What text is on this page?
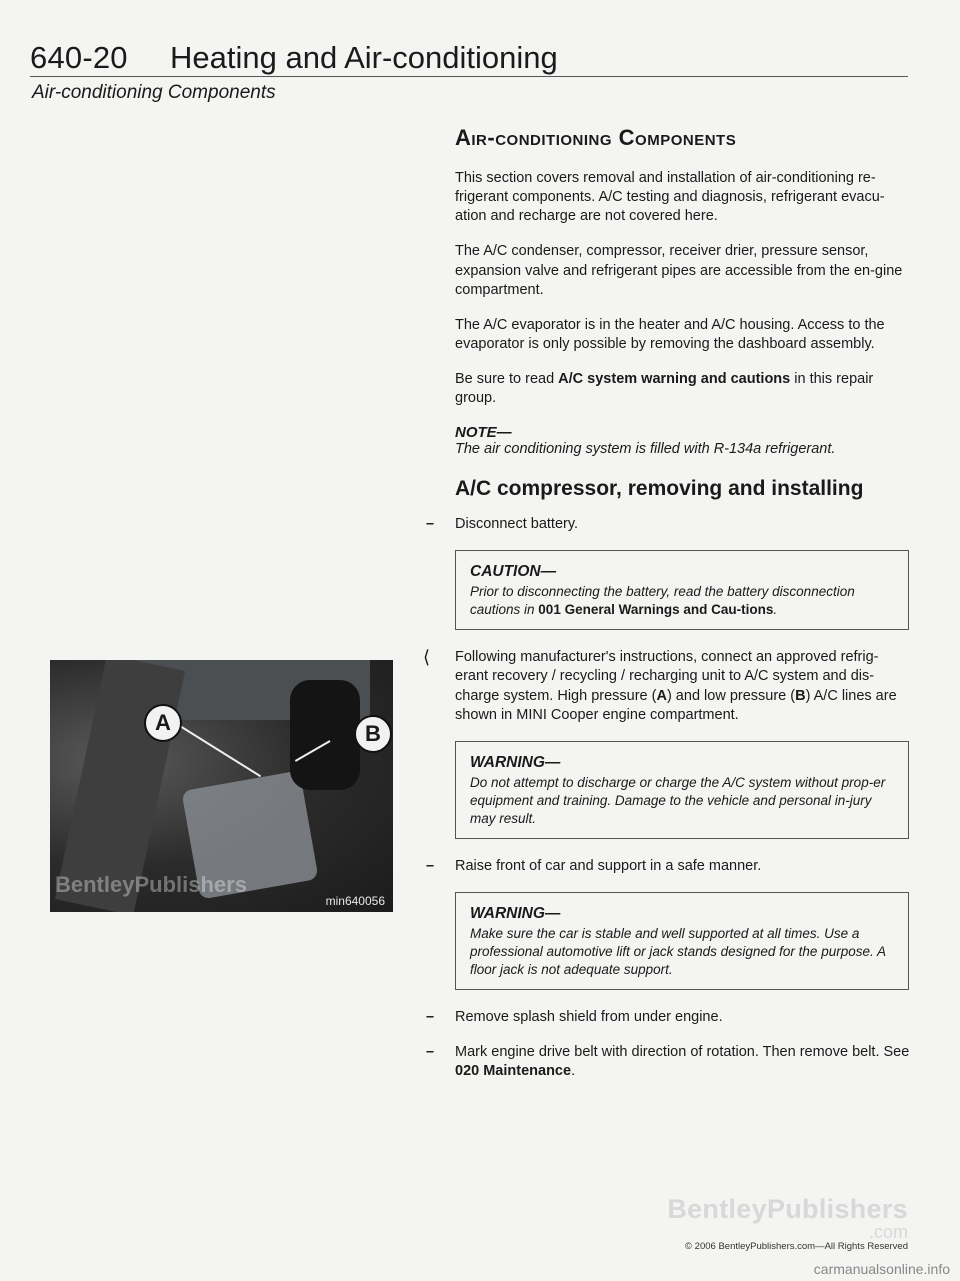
640-20 Heating and Air-conditioning
Air-conditioning Components
A	B
BentleyPublishers
min640056
Air-conditioning Components

This section covers removal and installation of air-conditioning re-frigerant components. A/C testing and diagnosis, refrigerant evacu-ation and recharge are not covered here.

The A/C condenser, compressor, receiver drier, pressure sensor, expansion valve and refrigerant pipes are accessible from the en-gine compartment.

The A/C evaporator is in the heater and A/C housing. Access to the evaporator is only possible by removing the dashboard assembly.

Be sure to read A/C system warning and cautions in this repair group.

NOTE—
The air conditioning system is filled with R-134a refrigerant.
A/C compressor, removing and installing
– Disconnect battery.
CAUTION—
Prior to disconnecting the battery, read the battery disconnection cautions in 001 General Warnings and Cau-tions.
⟨ Following manufacturer's instructions, connect an approved refrig-erant recovery / recycling / recharging unit to A/C system and dis-charge system. High pressure (A) and low pressure (B) A/C lines are shown in MINI Cooper engine compartment.
WARNING—
Do not attempt to discharge or charge the A/C system without prop-er equipment and training. Damage to the vehicle and personal in-jury may result.
– Raise front of car and support in a safe manner.
WARNING—
Make sure the car is stable and well supported at all times. Use a professional automotive lift or jack stands designed for the purpose. A floor jack is not adequate support.
– Remove splash shield from under engine.
– Mark engine drive belt with direction of rotation. Then remove belt. See 020 Maintenance.
BentleyPublishers
.com
© 2006 BentleyPublishers.com—All Rights Reserved
carmanualsonline.info
